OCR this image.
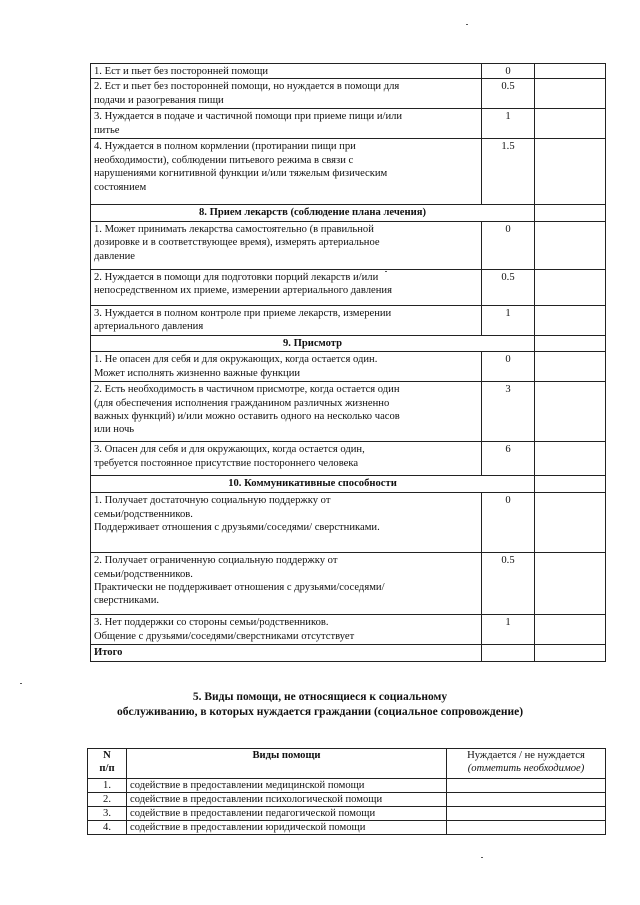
1. Ест и пьет без посторонней помощи	0	

2. Ест и пьет без посторонней помощи, но нуждается в помощи для
подачи и разогревания пищи	0.5	

3. Нуждается в подаче и частичной помощи при приеме пищи и/или
питье	1	

4. Нуждается в полном кормлении (протирании пищи при
необходимости), соблюдении питьевого режима в связи с
нарушениями когнитивной функции и/или тяжелым физическим
состоянием	1.5	
8. Прием лекарств (соблюдение плана лечения)		

1. Может принимать лекарства самостоятельно (в правильной
дозировке и в соответствующее время), измерять артериальное
давление	0	

2. Нуждается в помощи для подготовки порций лекарств и/или
непосредственном их приеме, измерении артериального давления	0.5	

3. Нуждается в полном контроле при приеме лекарств, измерении
артериального давления	1	
9. Присмотр		

1. Не опасен для себя и для окружающих, когда остается один.
Может исполнять жизненно важные функции	0	

2. Есть необходимость в частичном присмотре, когда остается один
(для обеспечения исполнения гражданином различных жизненно
важных функций) и/или можно оставить одного на несколько часов
или ночь	3	

3. Опасен для себя и для окружающих, когда остается один,
требуется постоянное присутствие постороннего человека	6	
10. Коммуникативные способности		

1. Получает достаточную социальную поддержку от
семьи/родственников.
Поддерживает отношения с друзьями/соседями/ сверстниками.	0	

2. Получает ограниченную социальную поддержку от
семьи/родственников.
Практически не поддерживает отношения с друзьями/соседями/
сверстниками.	0.5	

3. Нет поддержки со стороны семьи/родственников.
Общение с друзьями/соседями/сверстниками отсутствует	1	
Итого		
5. Виды помощи, не относящиеся к социальному
обслуживанию, в которых нуждается граждании (социальное сопровождение)
N
п/п	Виды помощи	Нуждается / не нуждается
(отметить необходимое)

1.	содействие в предоставлении медицинской помощи	
2.	содействие в предоставлении психологической помощи	
3.	содействие в предоставлении педагогической помощи	
4.	содействие в предоставлении юридической помощи	
